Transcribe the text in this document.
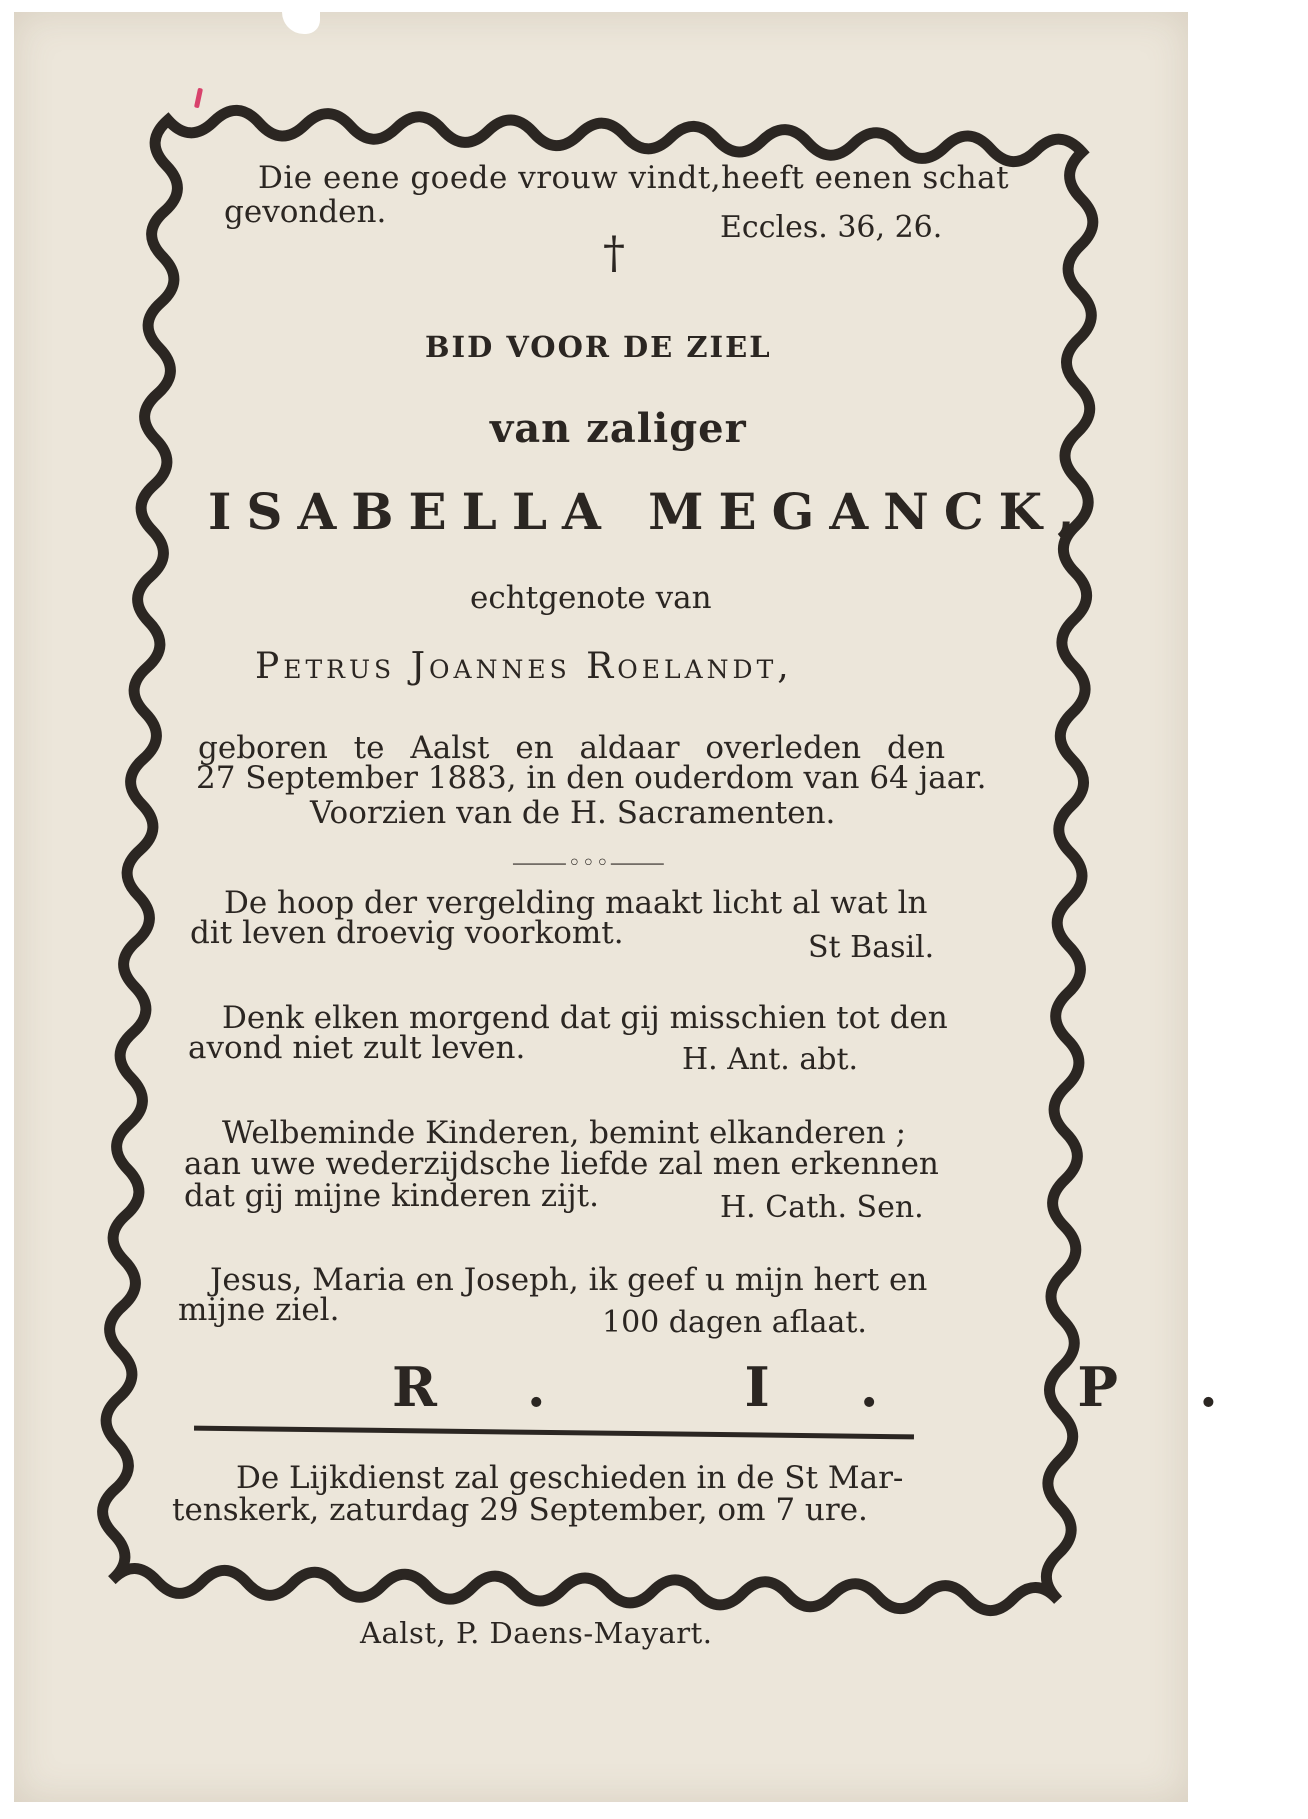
Die eene goede vrouw vindt,heeft eenen schat

gevonden.	Eccles. 36, 26.

†

BID VOOR DE ZIEL

van zaliger

ISABELLA MEGANCK,

echtgenote van

Petrus Joannes Roelandt,

geboren te Aalst en aldaar overleden den

27 September 1883, in den ouderdom van 64 jaar.

Voorzien van de H. Sacramenten.

⸻◦◦◦⸻

De hoop der vergelding maakt licht al wat ln

dit leven droevig voorkomt.	St Basil.

Denk elken morgend dat gij misschien tot den

avond niet zult leven.	H. Ant. abt.

Welbeminde Kinderen, bemint elkanderen ;

aan uwe wederzijdsche liefde zal men erkennen

dat gij mijne kinderen zijt.	H. Cath. Sen.

Jesus, Maria en Joseph, ik geef u mijn hert en

mijne ziel.	100 dagen aflaat.

R. I. P.

De Lijkdienst zal geschieden in de St Mar-

tenskerk, zaturdag 29 September, om 7 ure.

Aalst, P. Daens-Mayart.
